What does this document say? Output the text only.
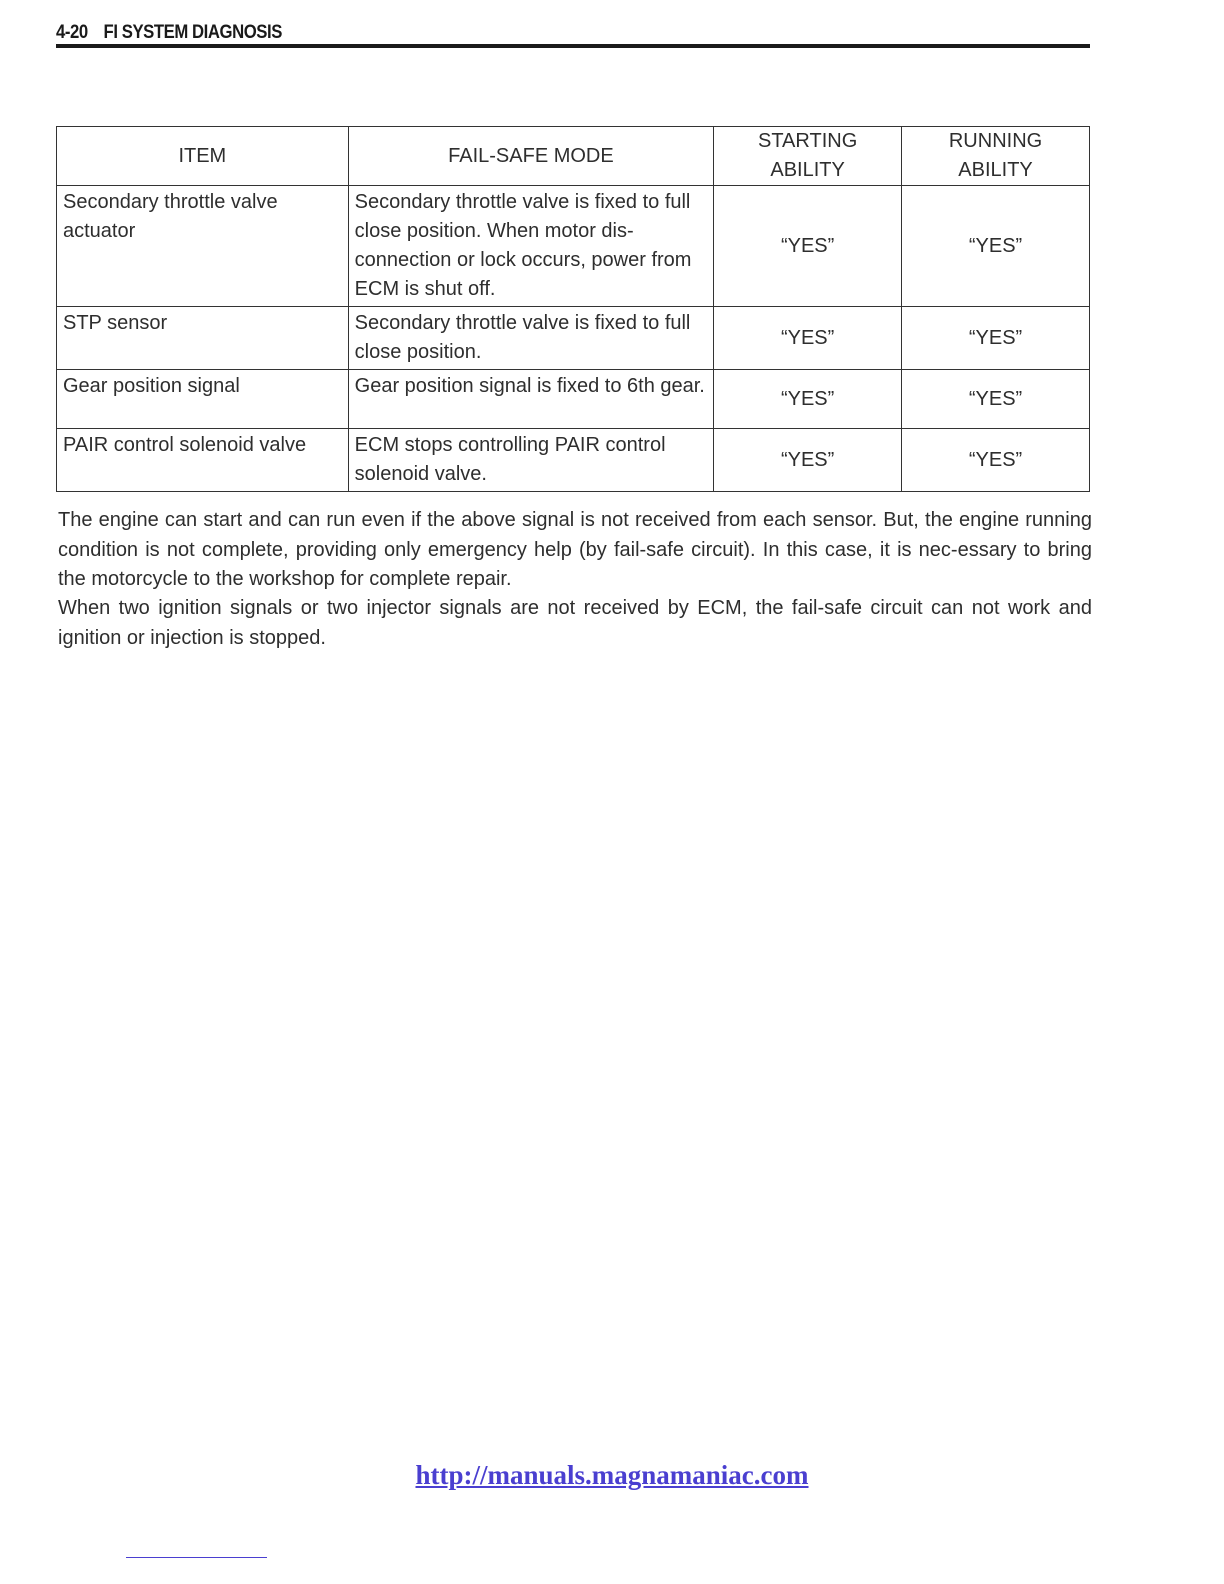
4-20 FI SYSTEM DIAGNOSIS
ITEM	FAIL-SAFE MODE	STARTING ABILITY	RUNNING ABILITY
Secondary throttle valve actuator	Secondary throttle valve is fixed to full close position. When motor dis-connection or lock occurs, power from ECM is shut off.	“YES”	“YES”
STP sensor	Secondary throttle valve is fixed to full close position.	“YES”	“YES”
Gear position signal	Gear position signal is fixed to 6th gear.	“YES”	“YES”
PAIR control solenoid valve	ECM stops controlling PAIR control solenoid valve.	“YES”	“YES”

The engine can start and can run even if the above signal is not received from each sensor. But, the engine running condition is not complete, providing only emergency help (by fail-safe circuit). In this case, it is nec-essary to bring the motorcycle to the workshop for complete repair.

When two ignition signals or two injector signals are not received by ECM, the fail-safe circuit can not work and ignition or injection is stopped.

http://manuals.magnamaniac.com
